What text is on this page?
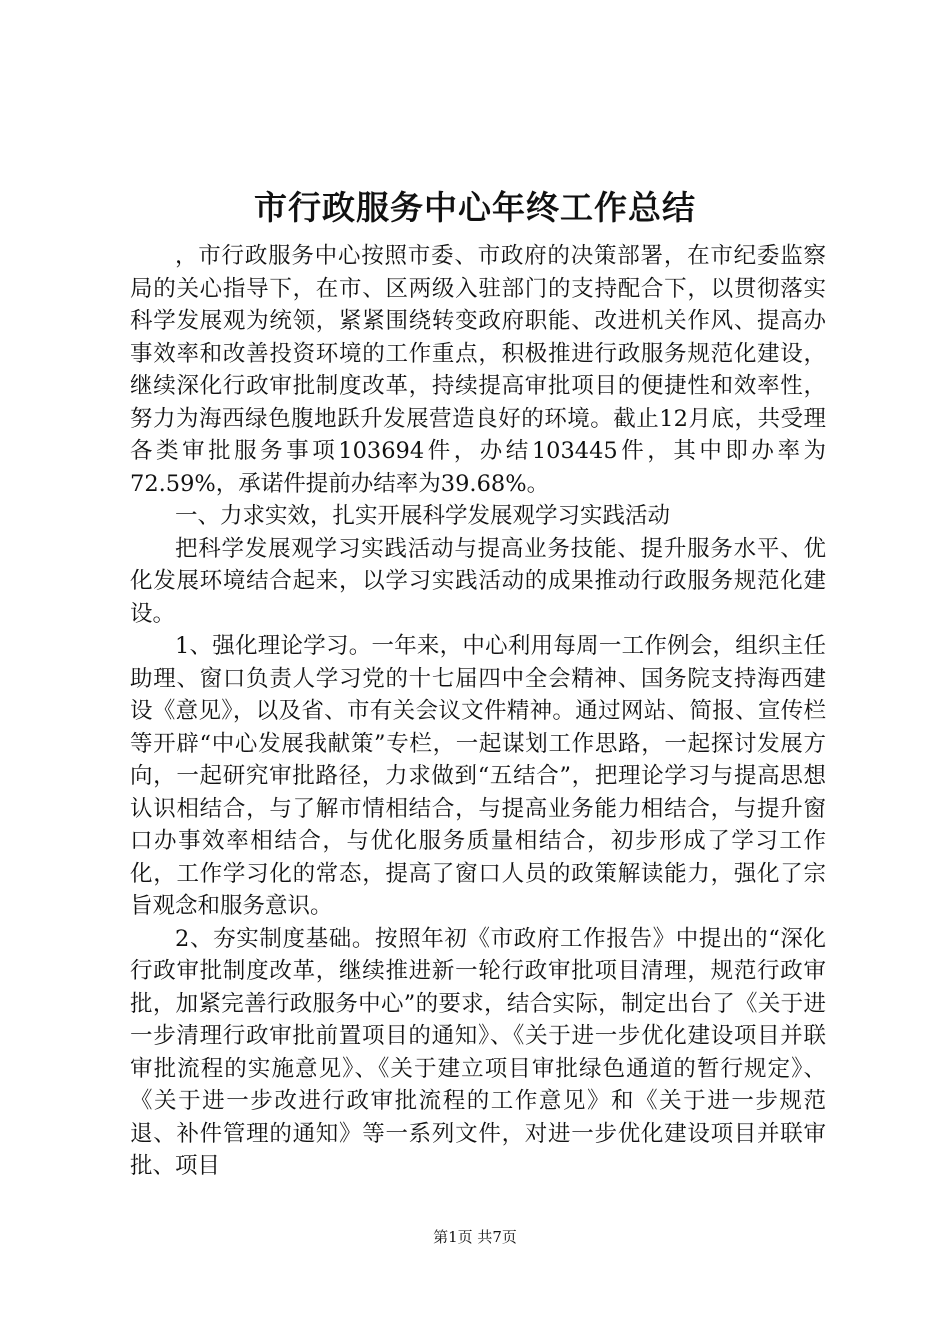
市行政服务中心年终工作总结

，市行政服务中心按照市委、市政府的决策部署，在市纪委监察局的关心指导下，在市、区两级入驻部门的支持配合下，以贯彻落实科学发展观为统领，紧紧围绕转变政府职能、改进机关作风、提高办事效率和改善投资环境的工作重点，积极推进行政服务规范化建设，继续深化行政审批制度改革，持续提高审批项目的便捷性和效率性，努力为海西绿色腹地跃升发展营造良好的环境。截止12月底，共受理各类审批服务事项103694件，办结103445件，其中即办率为72.59%，承诺件提前办结率为39.68%。

一、力求实效，扎实开展科学发展观学习实践活动

把科学发展观学习实践活动与提高业务技能、提升服务水平、优化发展环境结合起来，以学习实践活动的成果推动行政服务规范化建设。

1、强化理论学习。一年来，中心利用每周一工作例会，组织主任助理、窗口负责人学习党的十七届四中全会精神、国务院支持海西建设《意见》，以及省、市有关会议文件精神。通过网站、简报、宣传栏等开辟“中心发展我献策”专栏，一起谋划工作思路，一起探讨发展方向，一起研究审批路径，力求做到“五结合”，把理论学习与提高思想认识相结合，与了解市情相结合，与提高业务能力相结合，与提升窗口办事效率相结合，与优化服务质量相结合，初步形成了学习工作化，工作学习化的常态，提高了窗口人员的政策解读能力，强化了宗旨观念和服务意识。

2、夯实制度基础。按照年初《市政府工作报告》中提出的“深化行政审批制度改革，继续推进新一轮行政审批项目清理，规范行政审批，加紧完善行政服务中心”的要求，结合实际，制定出台了《关于进一步清理行政审批前置项目的通知》、《关于进一步优化建设项目并联审批流程的实施意见》、《关于建立项目审批绿色通道的暂行规定》、《关于进一步改进行政审批流程的工作意见》和《关于进一步规范退、补件管理的通知》等一系列文件，对进一步优化建设项目并联审批、项目

第1页 共7页
